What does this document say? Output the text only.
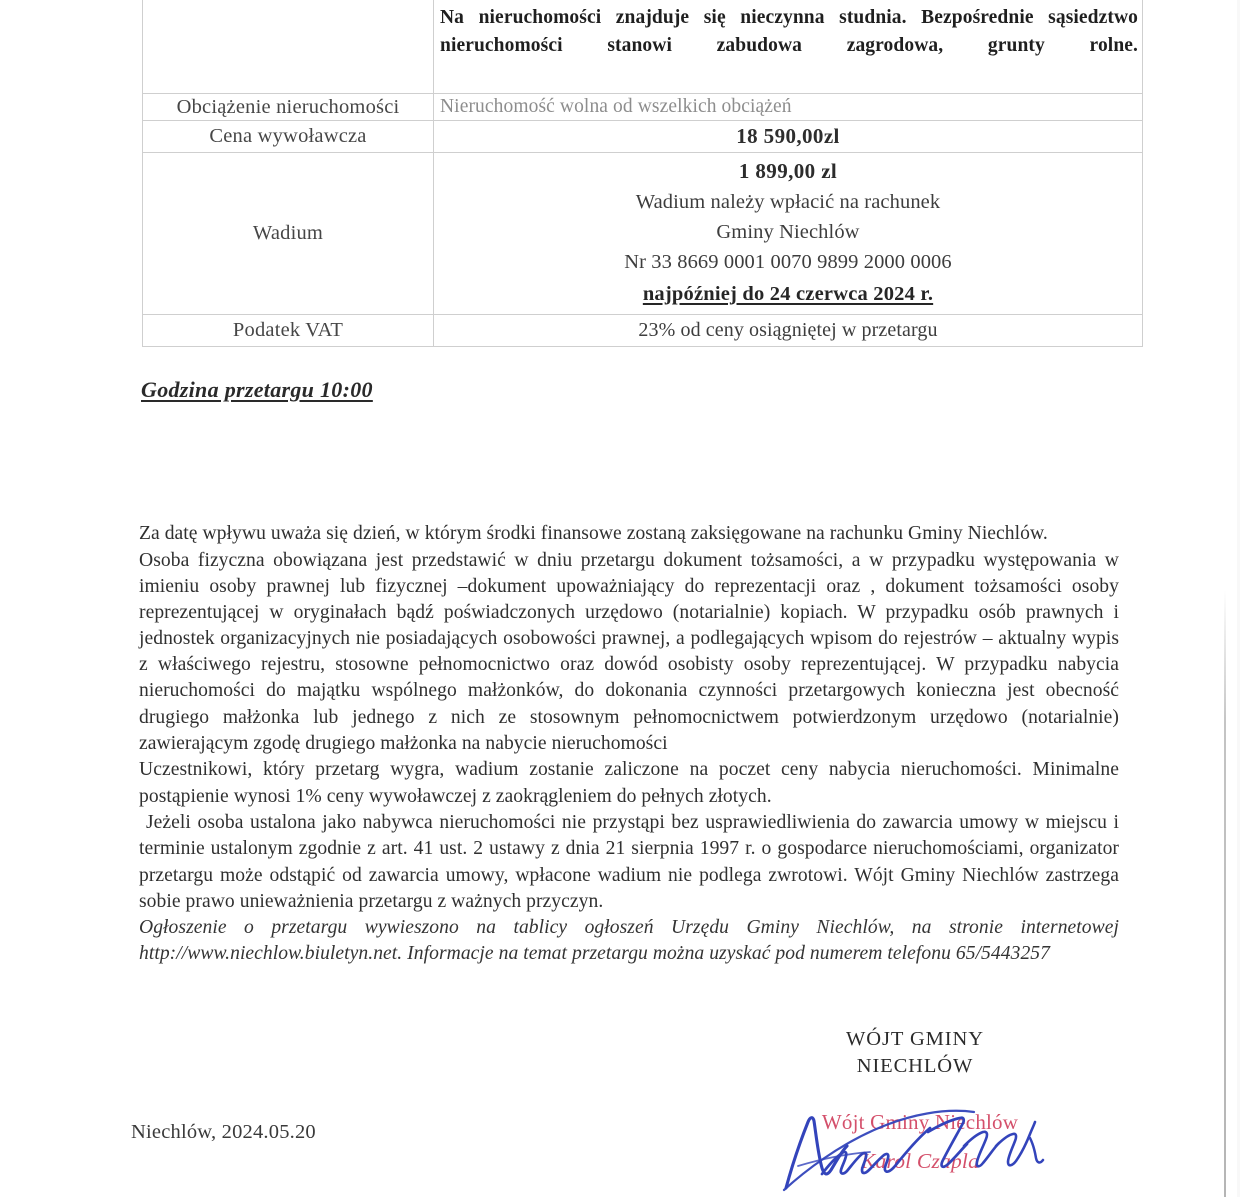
	Na nieruchomości znajduje się nieczynna studnia. Bezpośrednie sąsiedztwo nieruchomości stanowi zabudowa zagrodowa, grunty rolne.

Obciążenie nieruchomości	Nieruchomość wolna od wszelkich obciążeń

Cena wywoławcza	18 590,00zl

Wadium	1 899,00 zl
Wadium należy wpłacić na rachunek
Gminy Niechlów
Nr 33 8669 0001 0070 9899 2000 0006
najpóźniej do 24 czerwca 2024 r.

Podatek VAT	23% od ceny osiągniętej w przetargu
Godzina przetargu 10:00

Za datę wpływu uważa się dzień, w którym środki finansowe zostaną zaksięgowane na rachunku Gminy Niechlów.

Osoba fizyczna obowiązana jest przedstawić w dniu przetargu dokument tożsamości, a w przypadku występowania w imieniu osoby prawnej lub fizycznej –dokument upoważniający do reprezentacji oraz , dokument tożsamości osoby reprezentującej w oryginałach bądź poświadczonych urzędowo (notarialnie) kopiach. W przypadku osób prawnych i jednostek organizacyjnych nie posiadających osobowości prawnej, a podlegających wpisom do rejestrów – aktualny wypis z właściwego rejestru, stosowne pełnomocnictwo oraz dowód osobisty osoby reprezentującej. W przypadku nabycia nieruchomości do majątku wspólnego małżonków, do dokonania czynności przetargowych konieczna jest obecność drugiego małżonka lub jednego z nich ze stosownym pełnomocnictwem potwierdzonym urzędowo (notarialnie) zawierającym zgodę drugiego małżonka na nabycie nieruchomości

Uczestnikowi, który przetarg wygra, wadium zostanie zaliczone na poczet ceny nabycia nieruchomości. Minimalne postąpienie wynosi 1% ceny wywoławczej z zaokrągleniem do pełnych złotych.

Jeżeli osoba ustalona jako nabywca nieruchomości nie przystąpi bez usprawiedliwienia do zawarcia umowy w miejscu i terminie ustalonym zgodnie z art. 41 ust. 2 ustawy z dnia 21 sierpnia 1997 r. o gospodarce nieruchomościami, organizator przetargu może odstąpić od zawarcia umowy, wpłacone wadium nie podlega zwrotowi. Wójt Gminy Niechlów zastrzega sobie prawo unieważnienia przetargu z ważnych przyczyn.

Ogłoszenie o przetargu wywieszono na tablicy ogłoszeń Urzędu Gminy Niechlów, na stronie internetowej http://www.niechlow.biuletyn.net. Informacje na temat przetargu można uzyskać pod numerem telefonu 65/5443257

WÓJT GMINY
NIECHLÓW
Wójt Gminy Niechlów
Karol Czapla
Niechlów, 2024.05.20
